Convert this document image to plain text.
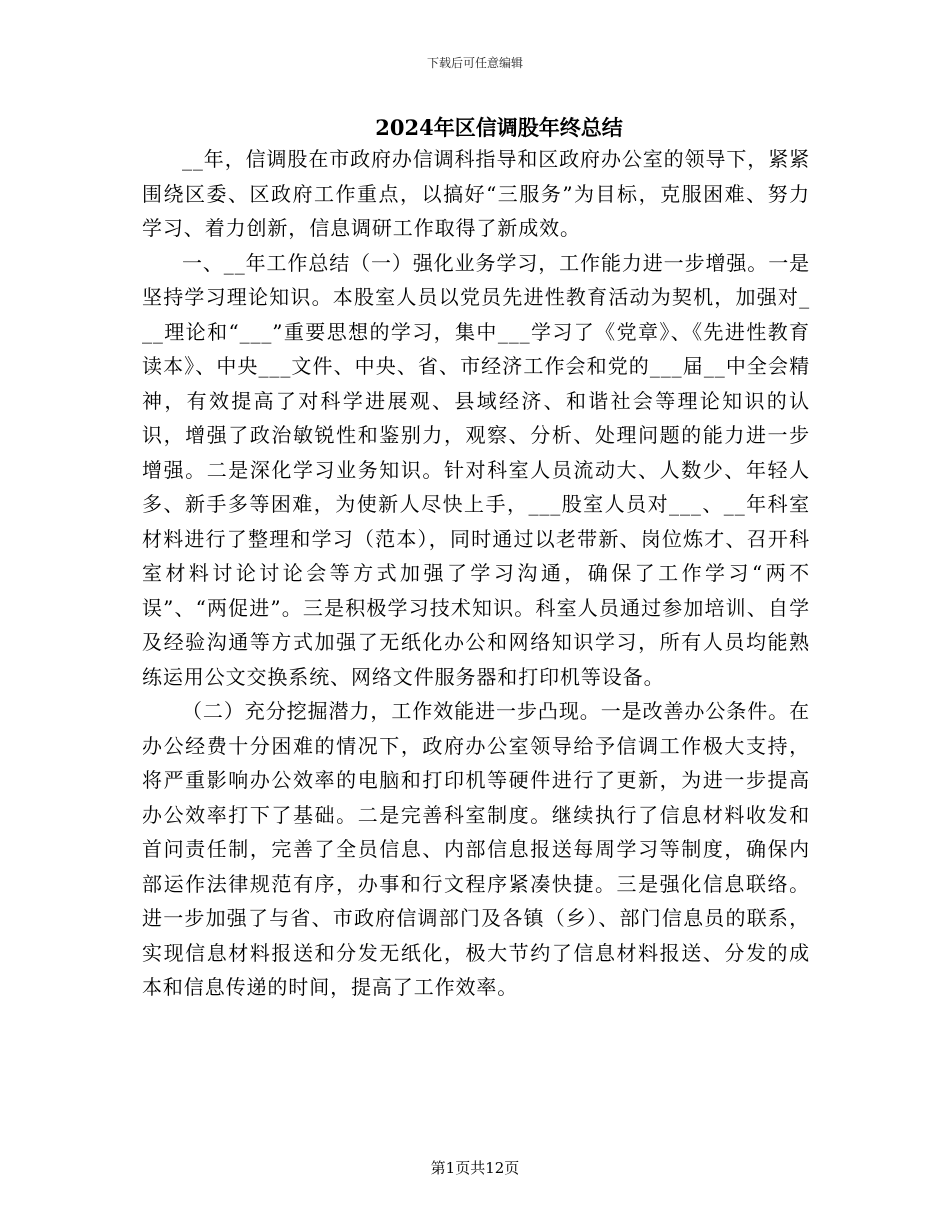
下载后可任意编辑
2024年区信调股年终总结

__年，信调股在市政府办信调科指导和区政府办公室的领导下，紧紧围绕区委、区政府工作重点，以搞好“三服务”为目标，克服困难、努力学习、着力创新，信息调研工作取得了新成效。

一、__年工作总结（一）强化业务学习，工作能力进一步增强。一是坚持学习理论知识。本股室人员以党员先进性教育活动为契机，加强对___理论和“___”重要思想的学习，集中___学习了《党章》、《先进性教育读本》、中央___文件、中央、省、市经济工作会和党的___届__中全会精神，有效提高了对科学进展观、县域经济、和谐社会等理论知识的认识，增强了政治敏锐性和鉴别力，观察、分析、处理问题的能力进一步增强。二是深化学习业务知识。针对科室人员流动大、人数少、年轻人多、新手多等困难，为使新人尽快上手，___股室人员对___、__年科室材料进行了整理和学习（范本），同时通过以老带新、岗位炼才、召开科室材料讨论讨论会等方式加强了学习沟通，确保了工作学习“两不误”、“两促进”。三是积极学习技术知识。科室人员通过参加培训、自学及经验沟通等方式加强了无纸化办公和网络知识学习，所有人员均能熟练运用公文交换系统、网络文件服务器和打印机等设备。

（二）充分挖掘潜力，工作效能进一步凸现。一是改善办公条件。在办公经费十分困难的情况下，政府办公室领导给予信调工作极大支持，将严重影响办公效率的电脑和打印机等硬件进行了更新，为进一步提高办公效率打下了基础。二是完善科室制度。继续执行了信息材料收发和首问责任制，完善了全员信息、内部信息报送每周学习等制度，确保内部运作法律规范有序，办事和行文程序紧凑快捷。三是强化信息联络。进一步加强了与省、市政府信调部门及各镇（乡）、部门信息员的联系，实现信息材料报送和分发无纸化，极大节约了信息材料报送、分发的成本和信息传递的时间，提高了工作效率。

第1页共12页
